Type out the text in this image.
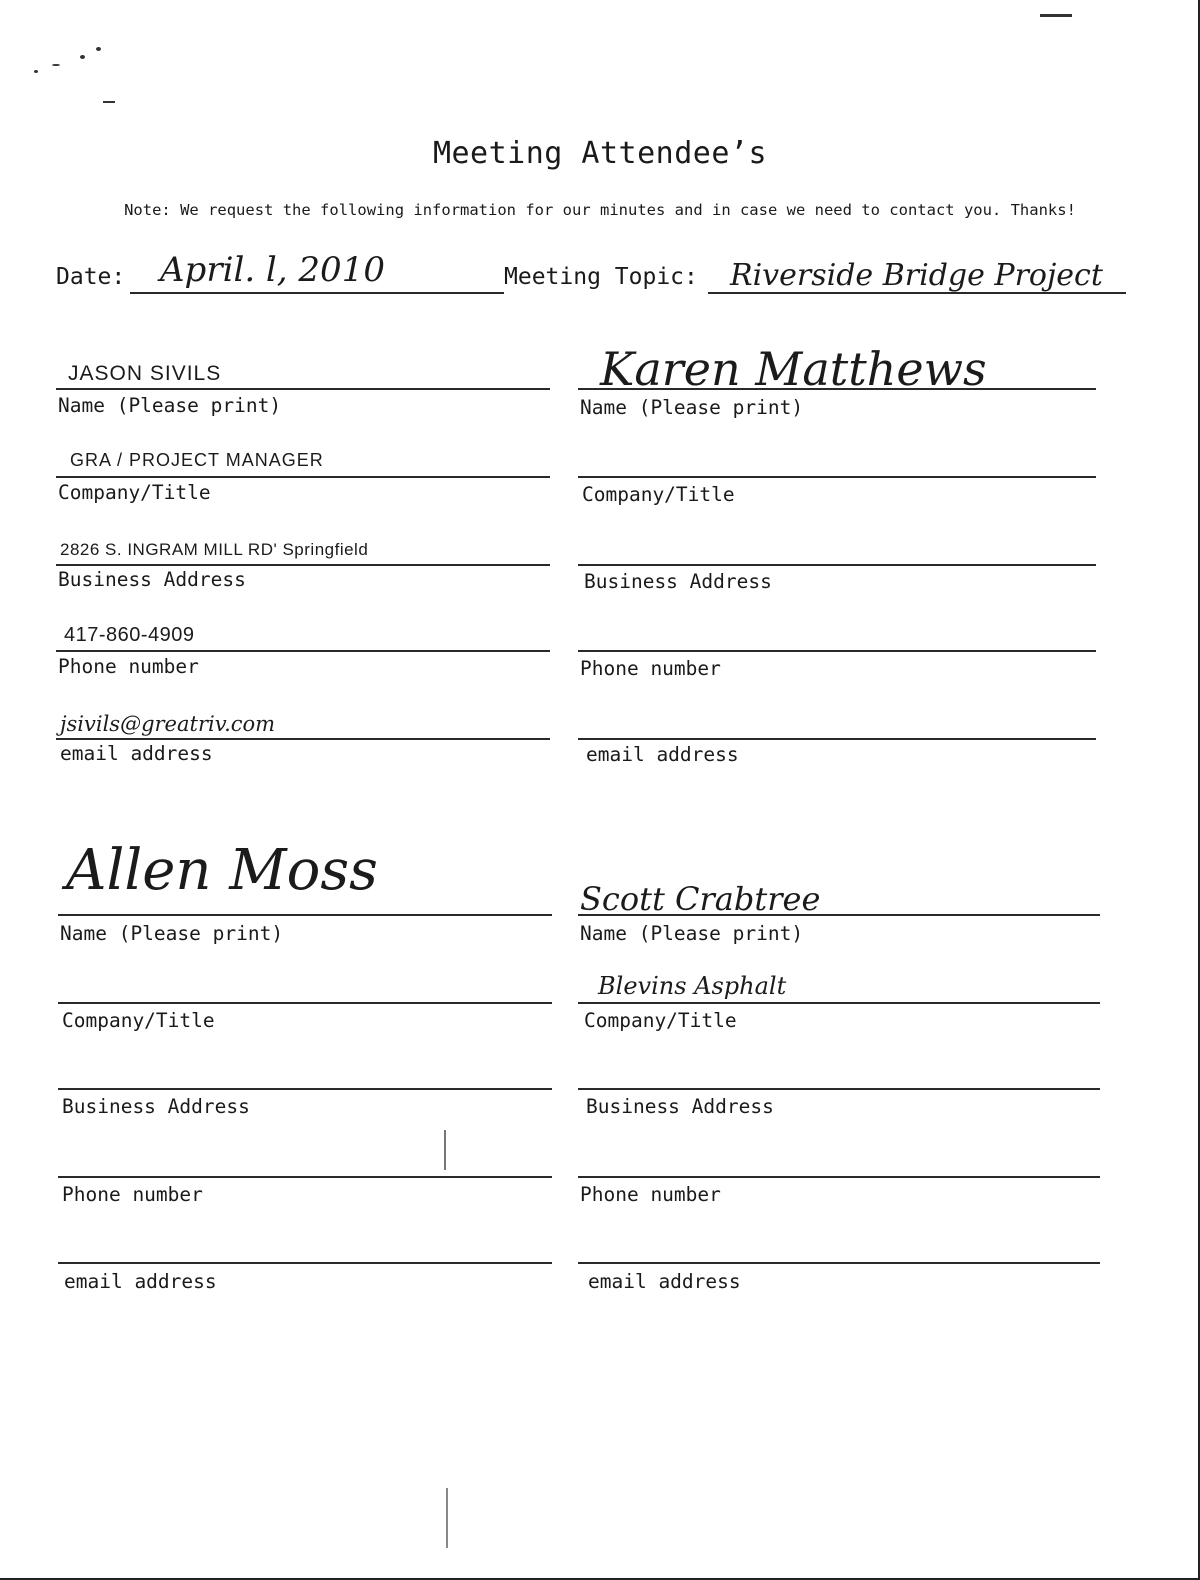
Meeting Attendee’s
Note: We request the following information for our minutes and in case we need to contact you. Thanks!
Date: April. l, 2010	Meeting Topic: Riverside Bridge Project
JASON SIVILS
Name (Please print)
GRA / PROJECT MANAGER
Company/Title
2826 S. INGRAM MILL RD' Springfield
Business Address
417-860-4909
Phone number
jsivils@greatriv.com
email address
Karen Matthews
Name (Please print)
Company/Title
Business Address
Phone number
email address
Allen Moss
Name (Please print)
Company/Title
Business Address
Phone number
email address
Scott Crabtree
Name (Please print)
Blevins Asphalt
Company/Title
Business Address
Phone number
email address
